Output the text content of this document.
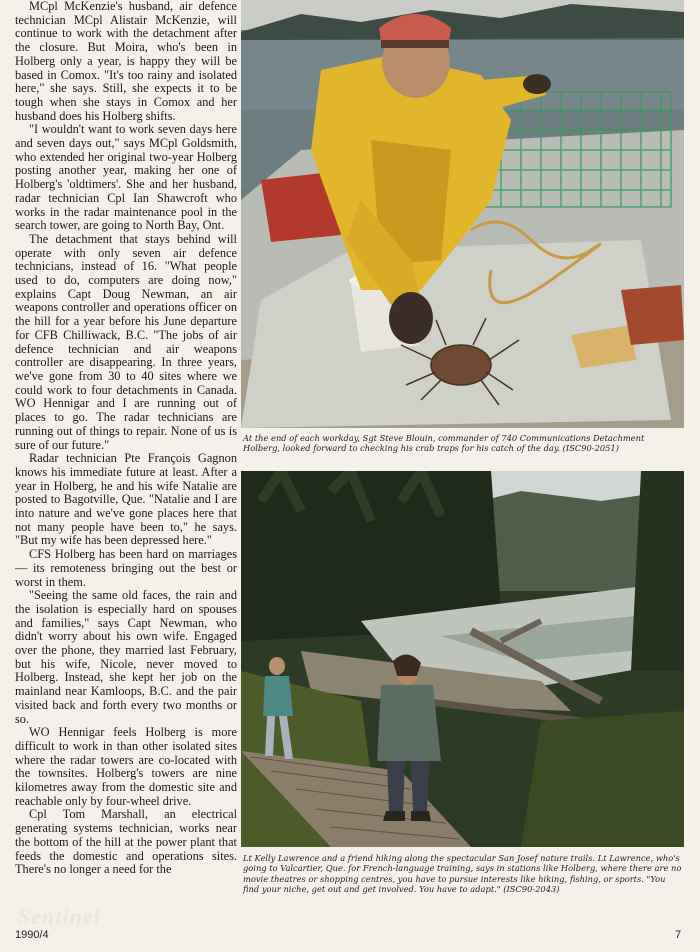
MCpl McKenzie's husband, air defence technician MCpl Alistair McKenzie, will continue to work with the detachment after the closure. But Moira, who's been in Holberg only a year, is happy they will be based in Comox. "It's too rainy and isolated here," she says. Still, she expects it to be tough when she stays in Comox and her husband does his Holberg shifts.

"I wouldn't want to work seven days here and seven days out," says MCpl Goldsmith, who extended her original two-year Holberg posting another year, making her one of Holberg's 'oldtimers'. She and her husband, radar technician Cpl Ian Shawcroft who works in the radar maintenance pool in the search tower, are going to North Bay, Ont.

The detachment that stays behind will operate with only seven air defence technicians, instead of 16. "What people used to do, computers are doing now," explains Capt Doug Newman, an air weapons controller and operations officer on the hill for a year before his June departure for CFB Chilliwack, B.C. "The jobs of air defence technician and air weapons controller are disappearing. In three years, we've gone from 30 to 40 sites where we could work to four detachments in Canada. WO Hennigar and I are running out of places to go. The radar technicians are running out of things to repair. None of us is sure of our future."

Radar technician Pte François Gagnon knows his immediate future at least. After a year in Holberg, he and his wife Natalie are posted to Bagotville, Que. "Natalie and I are into nature and we've gone places here that not many people have been to," he says. "But my wife has been depressed here."

CFS Holberg has been hard on marriages — its remoteness bringing out the best or worst in them.

"Seeing the same old faces, the rain and the isolation is especially hard on spouses and families," says Capt Newman, who didn't worry about his own wife. Engaged over the phone, they married last February, but his wife, Nicole, never moved to Holberg. Instead, she kept her job on the mainland near Kamloops, B.C. and the pair visited back and forth every two months or so.

WO Hennigar feels Holberg is more difficult to work in than other isolated sites where the radar towers are co-located with the townsites. Holberg's towers are nine kilometres away from the domestic site and reachable only by four-wheel drive.

Cpl Tom Marshall, an electrical generating systems technician, works near the bottom of the hill at the power plant that feeds the domestic and operations sites. There's no longer a need for the

At the end of each workday, Sgt Steve Blouin, commander of 740 Communications Detachment Holberg, looked forward to checking his crab traps for his catch of the day. (ISC90-2051)
Lt Kelly Lawrence and a friend hiking along the spectacular San Josef nature trails. Lt Lawrence, who's going to Valcartier, Que. for French-language training, says in stations like Holberg, where there are no movie theatres or shopping centres, you have to pursue interests like hiking, fishing, or sports. "You find your niche, get out and get involved. You have to adapt." (ISC90-2043)
Sentinel
1990/4	7
